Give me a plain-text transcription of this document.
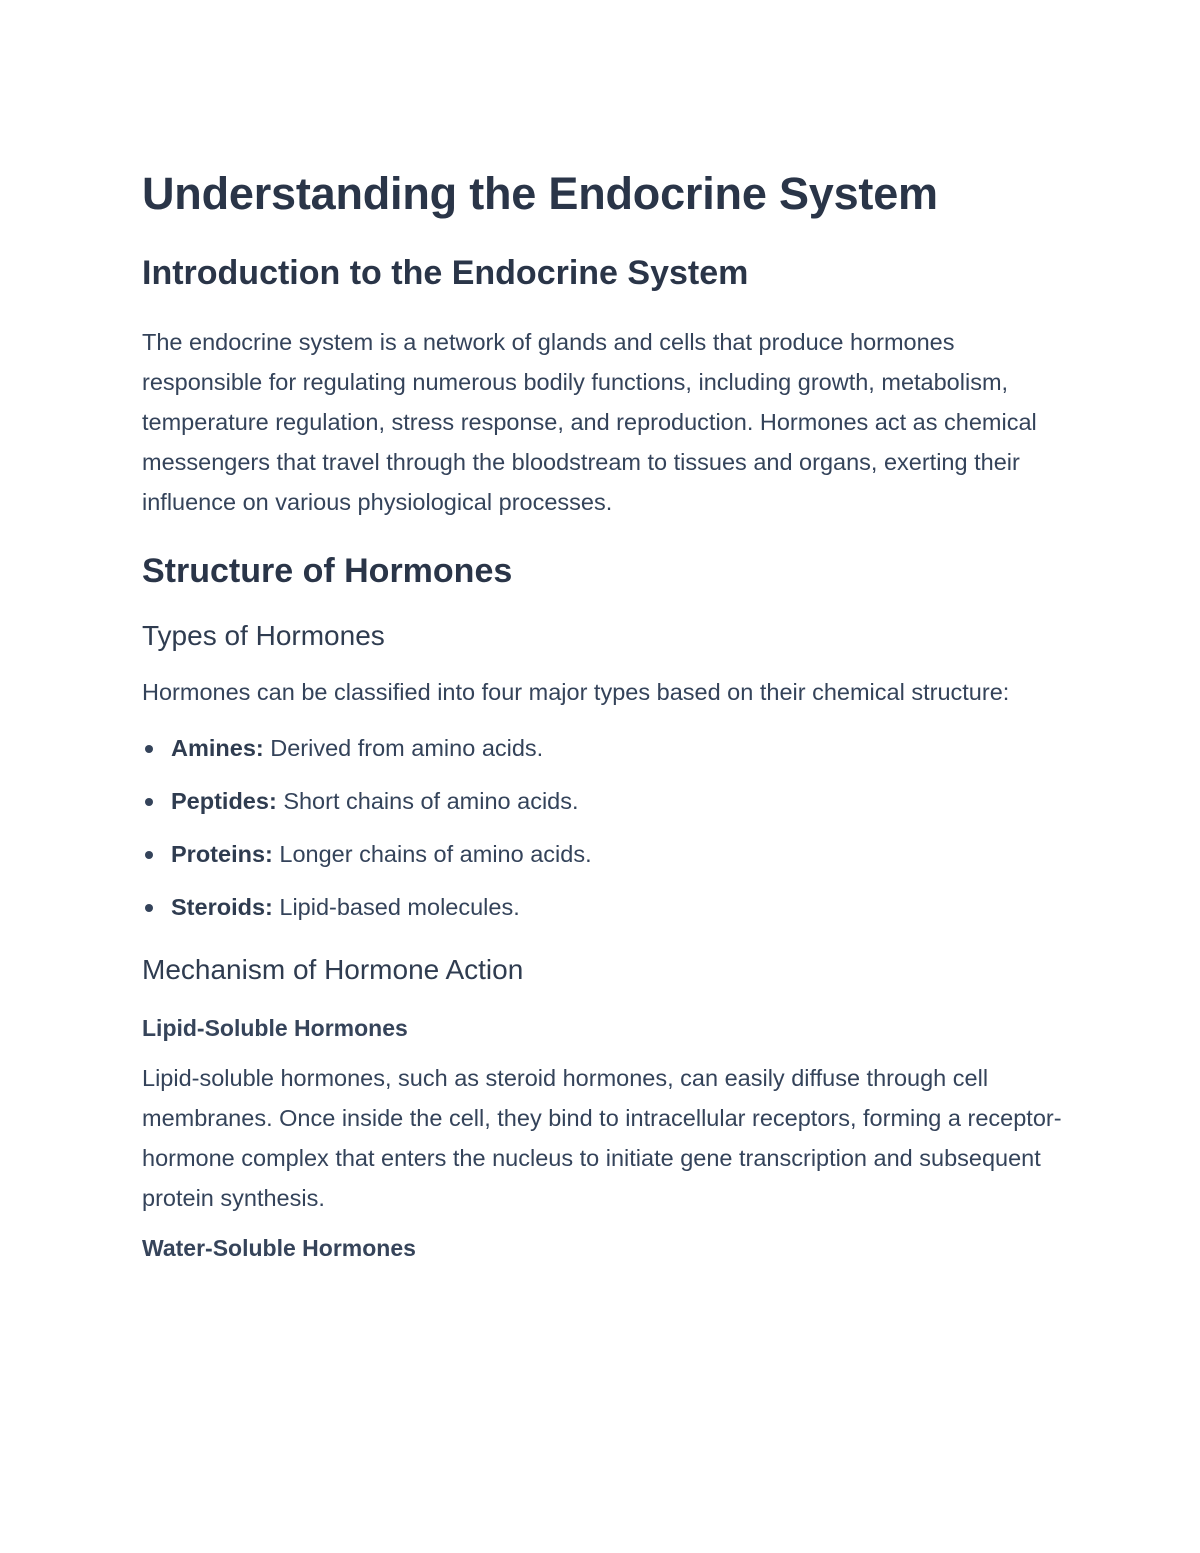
Understanding the Endocrine System
Introduction to the Endocrine System

The endocrine system is a network of glands and cells that produce hormones responsible for regulating numerous bodily functions, including growth, metabolism, temperature regulation, stress response, and reproduction. Hormones act as chemical messengers that travel through the bloodstream to tissues and organs, exerting their influence on various physiological processes.

Structure of Hormones
Types of Hormones

Hormones can be classified into four major types based on their chemical structure:

Amines: Derived from amino acids.
Peptides: Short chains of amino acids.
Proteins: Longer chains of amino acids.
Steroids: Lipid-based molecules.
Mechanism of Hormone Action
Lipid-Soluble Hormones

Lipid-soluble hormones, such as steroid hormones, can easily diffuse through cell membranes. Once inside the cell, they bind to intracellular receptors, forming a receptor-hormone complex that enters the nucleus to initiate gene transcription and subsequent protein synthesis.

Water-Soluble Hormones
